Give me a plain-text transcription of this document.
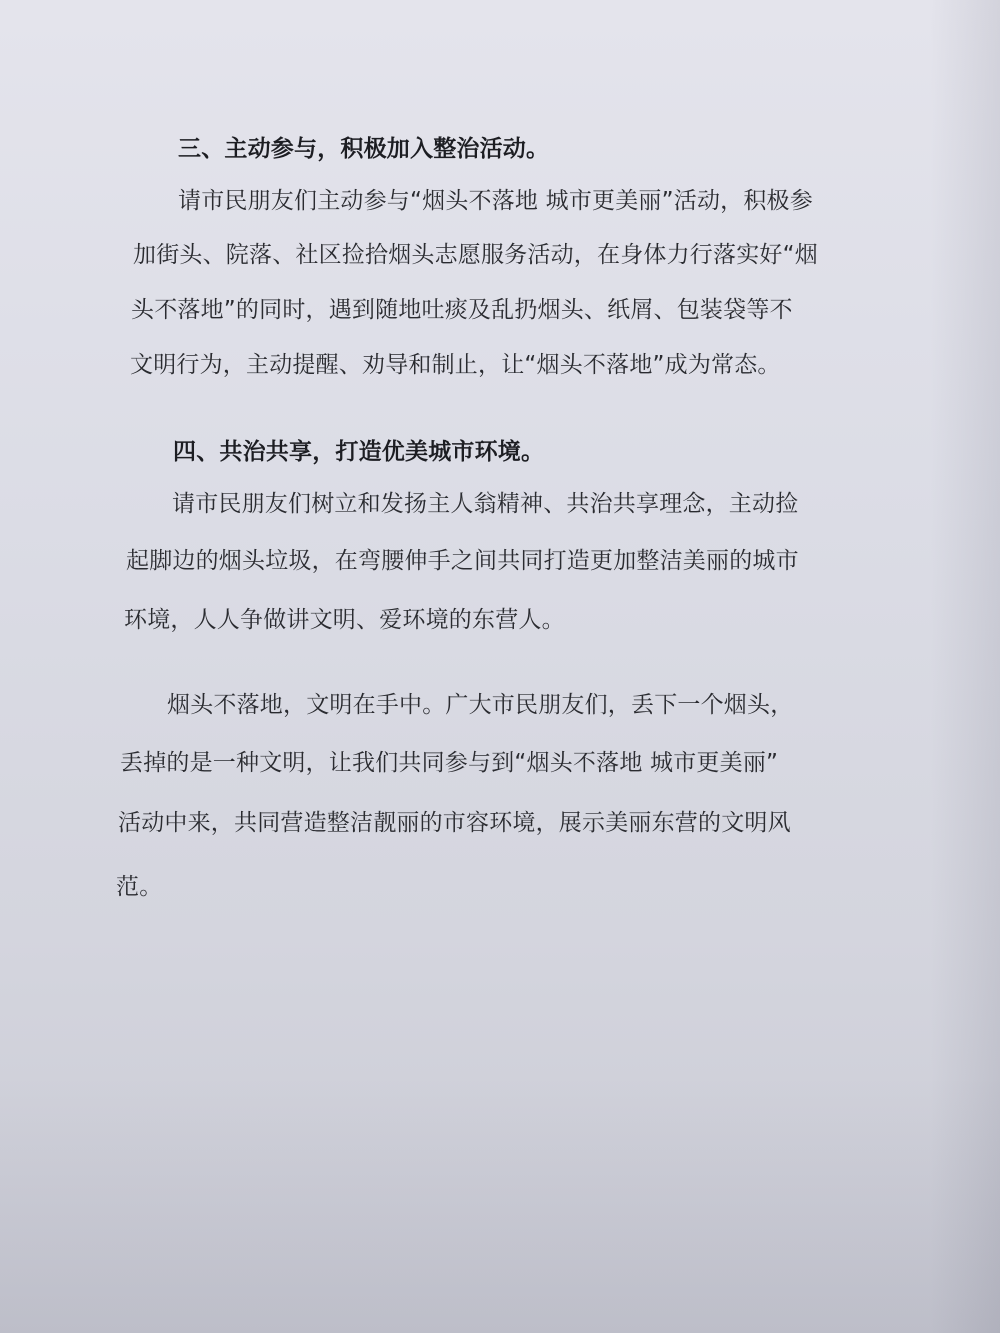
三、主动参与，积极加入整治活动。
请市民朋友们主动参与“烟头不落地 城市更美丽”活动，积极参
加街头、院落、社区捡拾烟头志愿服务活动，在身体力行落实好“烟
头不落地”的同时，遇到随地吐痰及乱扔烟头、纸屑、包装袋等不
文明行为，主动提醒、劝导和制止，让“烟头不落地”成为常态。
四、共治共享，打造优美城市环境。
请市民朋友们树立和发扬主人翁精神、共治共享理念，主动捡
起脚边的烟头垃圾，在弯腰伸手之间共同打造更加整洁美丽的城市
环境，人人争做讲文明、爱环境的东营人。
烟头不落地，文明在手中。广大市民朋友们，丢下一个烟头，
丢掉的是一种文明，让我们共同参与到“烟头不落地 城市更美丽”
活动中来，共同营造整洁靓丽的市容环境，展示美丽东营的文明风
范。
